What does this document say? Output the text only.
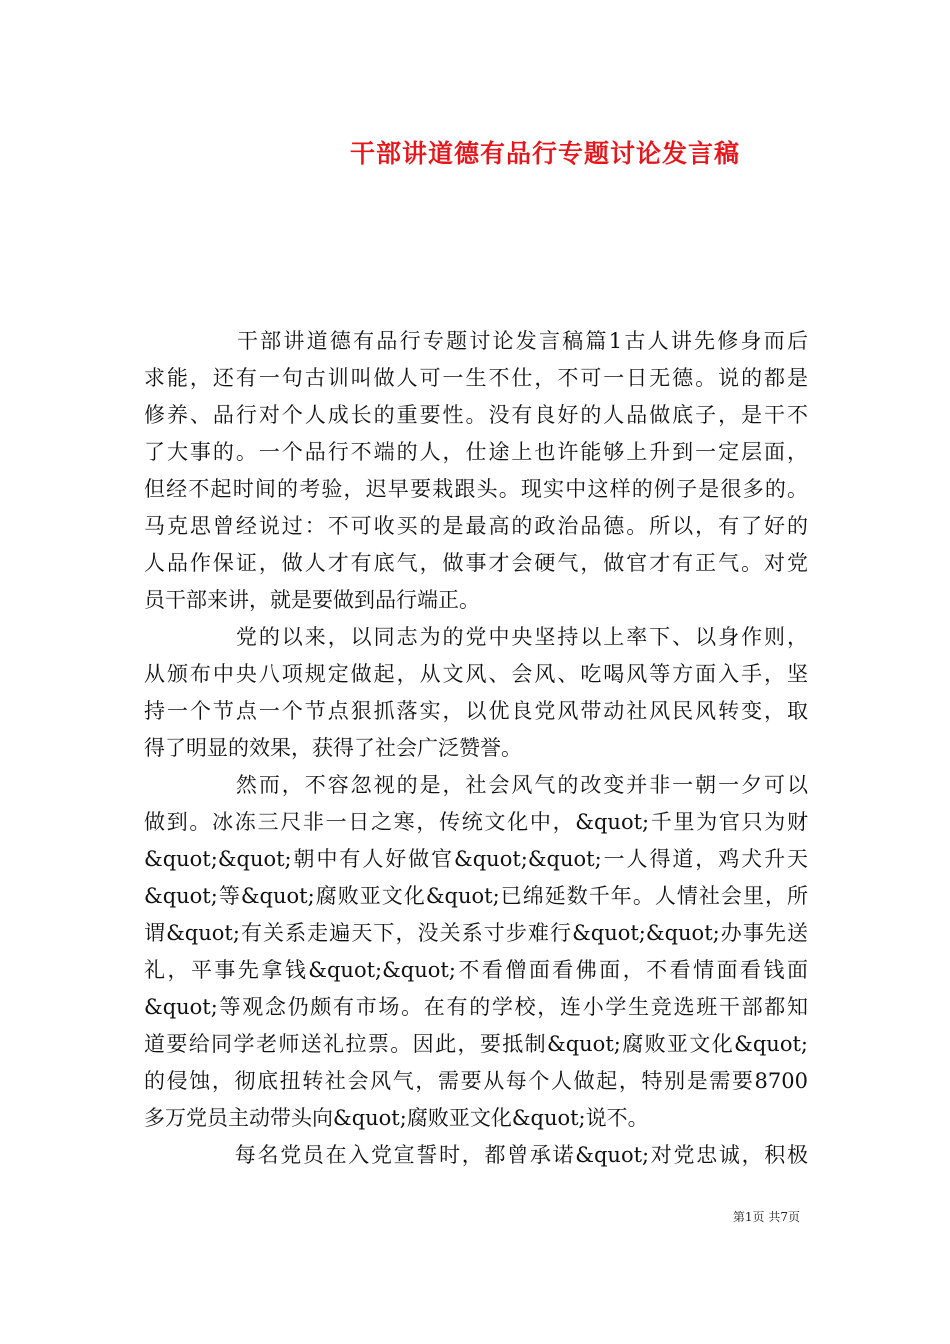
干部讲道德有品行专题讨论发言稿
　　　　干部讲道德有品行专题讨论发言稿篇1古人讲先修身而后
求能，还有一句古训叫做人可一生不仕，不可一日无德。说的都是
修养、品行对个人成长的重要性。没有良好的人品做底子，是干不
了大事的。一个品行不端的人，仕途上也许能够上升到一定层面，
但经不起时间的考验，迟早要栽跟头。现实中这样的例子是很多的。
马克思曾经说过：不可收买的是最高的政治品德。所以，有了好的
人品作保证，做人才有底气，做事才会硬气，做官才有正气。对党
员干部来讲，就是要做到品行端正。
　　　　党的以来，以同志为的党中央坚持以上率下、以身作则，
从颁布中央八项规定做起，从文风、会风、吃喝风等方面入手，坚
持一个节点一个节点狠抓落实，以优良党风带动社风民风转变，取
得了明显的效果，获得了社会广泛赞誉。
　　　　然而，不容忽视的是，社会风气的改变并非一朝一夕可以
做到。冰冻三尺非一日之寒，传统文化中，&quot;千里为官只为财
&quot;&quot;朝中有人好做官&quot;&quot;一人得道，鸡犬升天
&quot;等&quot;腐败亚文化&quot;已绵延数千年。人情社会里，所
谓&quot;有关系走遍天下，没关系寸步难行&quot;&quot;办事先送
礼，平事先拿钱&quot;&quot;不看僧面看佛面，不看情面看钱面
&quot;等观念仍颇有市场。在有的学校，连小学生竞选班干部都知
道要给同学老师送礼拉票。因此，要抵制&quot;腐败亚文化&quot;
的侵蚀，彻底扭转社会风气，需要从每个人做起，特别是需要8700
多万党员主动带头向&quot;腐败亚文化&quot;说不。
　　　　每名党员在入党宣誓时，都曾承诺&quot;对党忠诚，积极
第1页 共7页
